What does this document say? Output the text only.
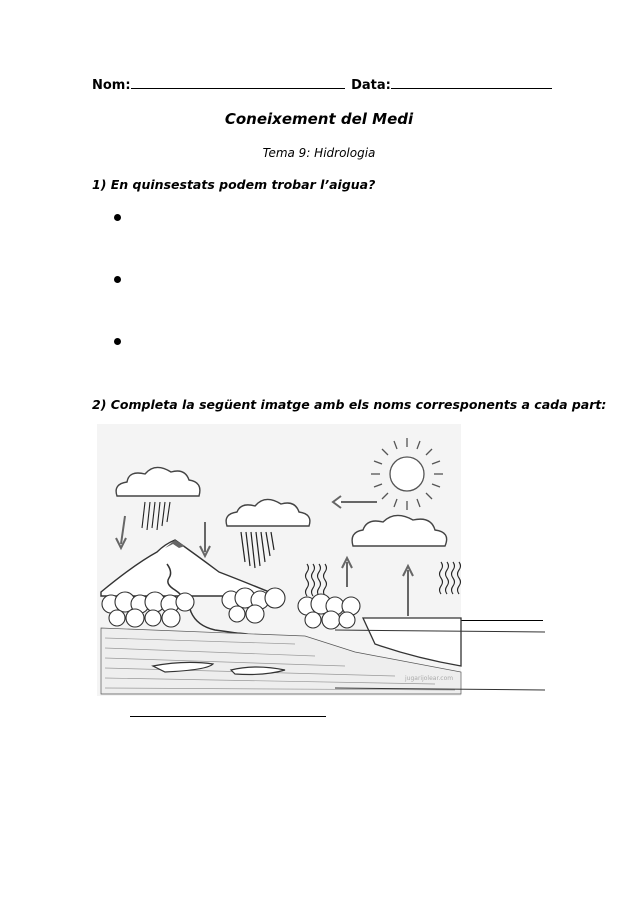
Nom:	Data:
Coneixement del Medi
Tema 9: Hidrologia
1) En quinsestats podem trobar l’aigua?
2) Completa la següent imatge amb els noms corresponents a cada part:
jugarijolear.com
